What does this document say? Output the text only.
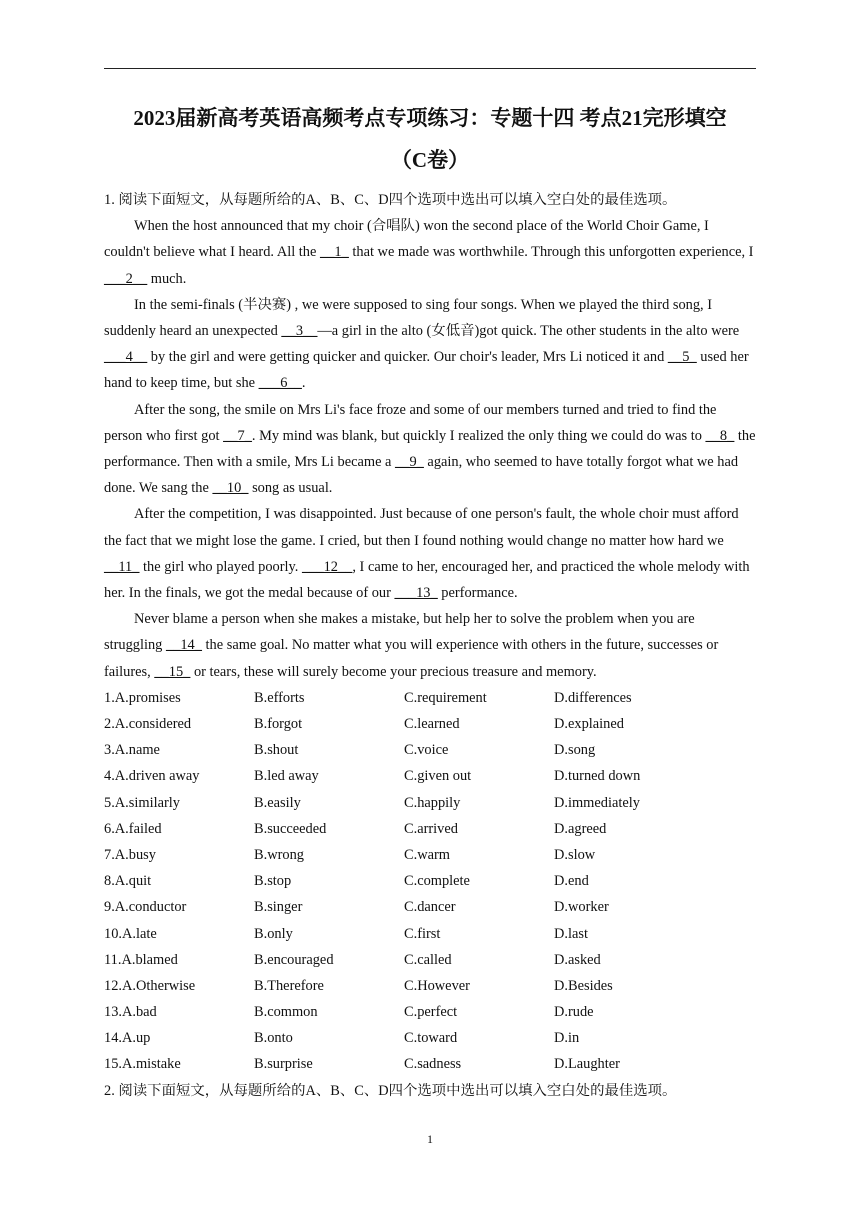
2023届新高考英语高频考点专项练习：专题十四 考点21完形填空
（C卷）

1. 阅读下面短文，从每题所给的A、B、C、D四个选项中选出可以填入空白处的最佳选项。

When the host announced that my choir (合唱队) won the second place of the World Choir Game, I couldn't believe what I heard. All the __1_ that we made was worthwhile. Through this unforgotten experience, I ___2__ much.

In the semi-finals (半决赛) , we were supposed to sing four songs. When we played the third song, I suddenly heard an unexpected __3__—a girl in the alto (女低音)got quick. The other students in the alto were ___4__ by the girl and were getting quicker and quicker. Our choir's leader, Mrs Li noticed it and __5_ used her hand to keep time, but she ___6__.

After the song, the smile on Mrs Li's face froze and some of our members turned and tried to find the person who first got __7_. My mind was blank, but quickly I realized the only thing we could do was to __8_ the performance. Then with a smile, Mrs Li became a __9_ again, who seemed to have totally forgot what we had done. We sang the __10_ song as usual.

After the competition, I was disappointed. Just because of one person's fault, the whole choir must afford the fact that we might lose the game. I cried, but then I found nothing would change no matter how hard we __11_ the girl who played poorly. ___12__, I came to her, encouraged her, and practiced the whole melody with her. In the finals, we got the medal because of our ___13_ performance.

Never blame a person when she makes a mistake, but help her to solve the problem when you are struggling __14_ the same goal. No matter what you will experience with others in the future, successes or failures, __15_ or tears, these will surely become your precious treasure and memory.

1.A.promises	B.efforts	C.requirement	D.differences
2.A.considered	B.forgot	C.learned	D.explained
3.A.name	B.shout	C.voice	D.song
4.A.driven away	B.led away	C.given out	D.turned down
5.A.similarly	B.easily	C.happily	D.immediately
6.A.failed	B.succeeded	C.arrived	D.agreed
7.A.busy	B.wrong	C.warm	D.slow
8.A.quit	B.stop	C.complete	D.end
9.A.conductor	B.singer	C.dancer	D.worker
10.A.late	B.only	C.first	D.last
11.A.blamed	B.encouraged	C.called	D.asked
12.A.Otherwise	B.Therefore	C.However	D.Besides
13.A.bad	B.common	C.perfect	D.rude
14.A.up	B.onto	C.toward	D.in
15.A.mistake	B.surprise	C.sadness	D.Laughter

2. 阅读下面短文，从每题所给的A、B、C、D四个选项中选出可以填入空白处的最佳选项。

1
